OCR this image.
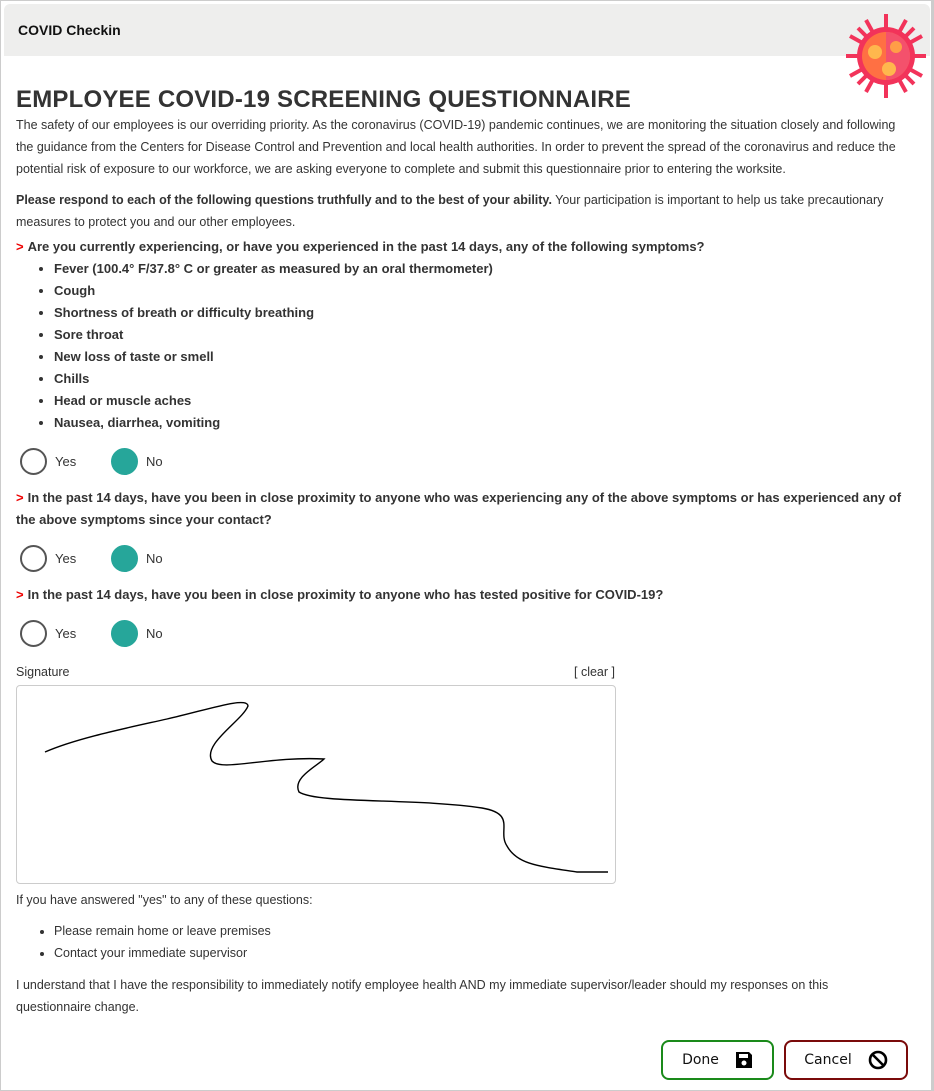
COVID Checkin
EMPLOYEE COVID-19 SCREENING QUESTIONNAIRE
The safety of our employees is our overriding priority. As the coronavirus (COVID-19) pandemic continues, we are monitoring the situation closely and following the guidance from the Centers for Disease Control and Prevention and local health authorities. In order to prevent the spread of the coronavirus and reduce the potential risk of exposure to our workforce, we are asking everyone to complete and submit this questionnaire prior to entering the worksite.
Please respond to each of the following questions truthfully and to the best of your ability. Your participation is important to help us take precautionary measures to protect you and our other employees.
> Are you currently experiencing, or have you experienced in the past 14 days, any of the following symptoms?
• Fever (100.4° F/37.8° C or greater as measured by an oral thermometer)
• Cough
• Shortness of breath or difficulty breathing
• Sore throat
• New loss of taste or smell
• Chills
• Head or muscle aches
• Nausea, diarrhea, vomiting
Yes	No
> In the past 14 days, have you been in close proximity to anyone who was experiencing any of the above symptoms or has experienced any of the above symptoms since your contact?
Yes	No
> In the past 14 days, have you been in close proximity to anyone who has tested positive for COVID-19?
Yes	No
Signature	[ clear ]
If you have answered "yes" to any of these questions:
• Please remain home or leave premises
• Contact your immediate supervisor
I understand that I have the responsibility to immediately notify employee health AND my immediate supervisor/leader should my responses on this questionnaire change.
Done	Cancel
